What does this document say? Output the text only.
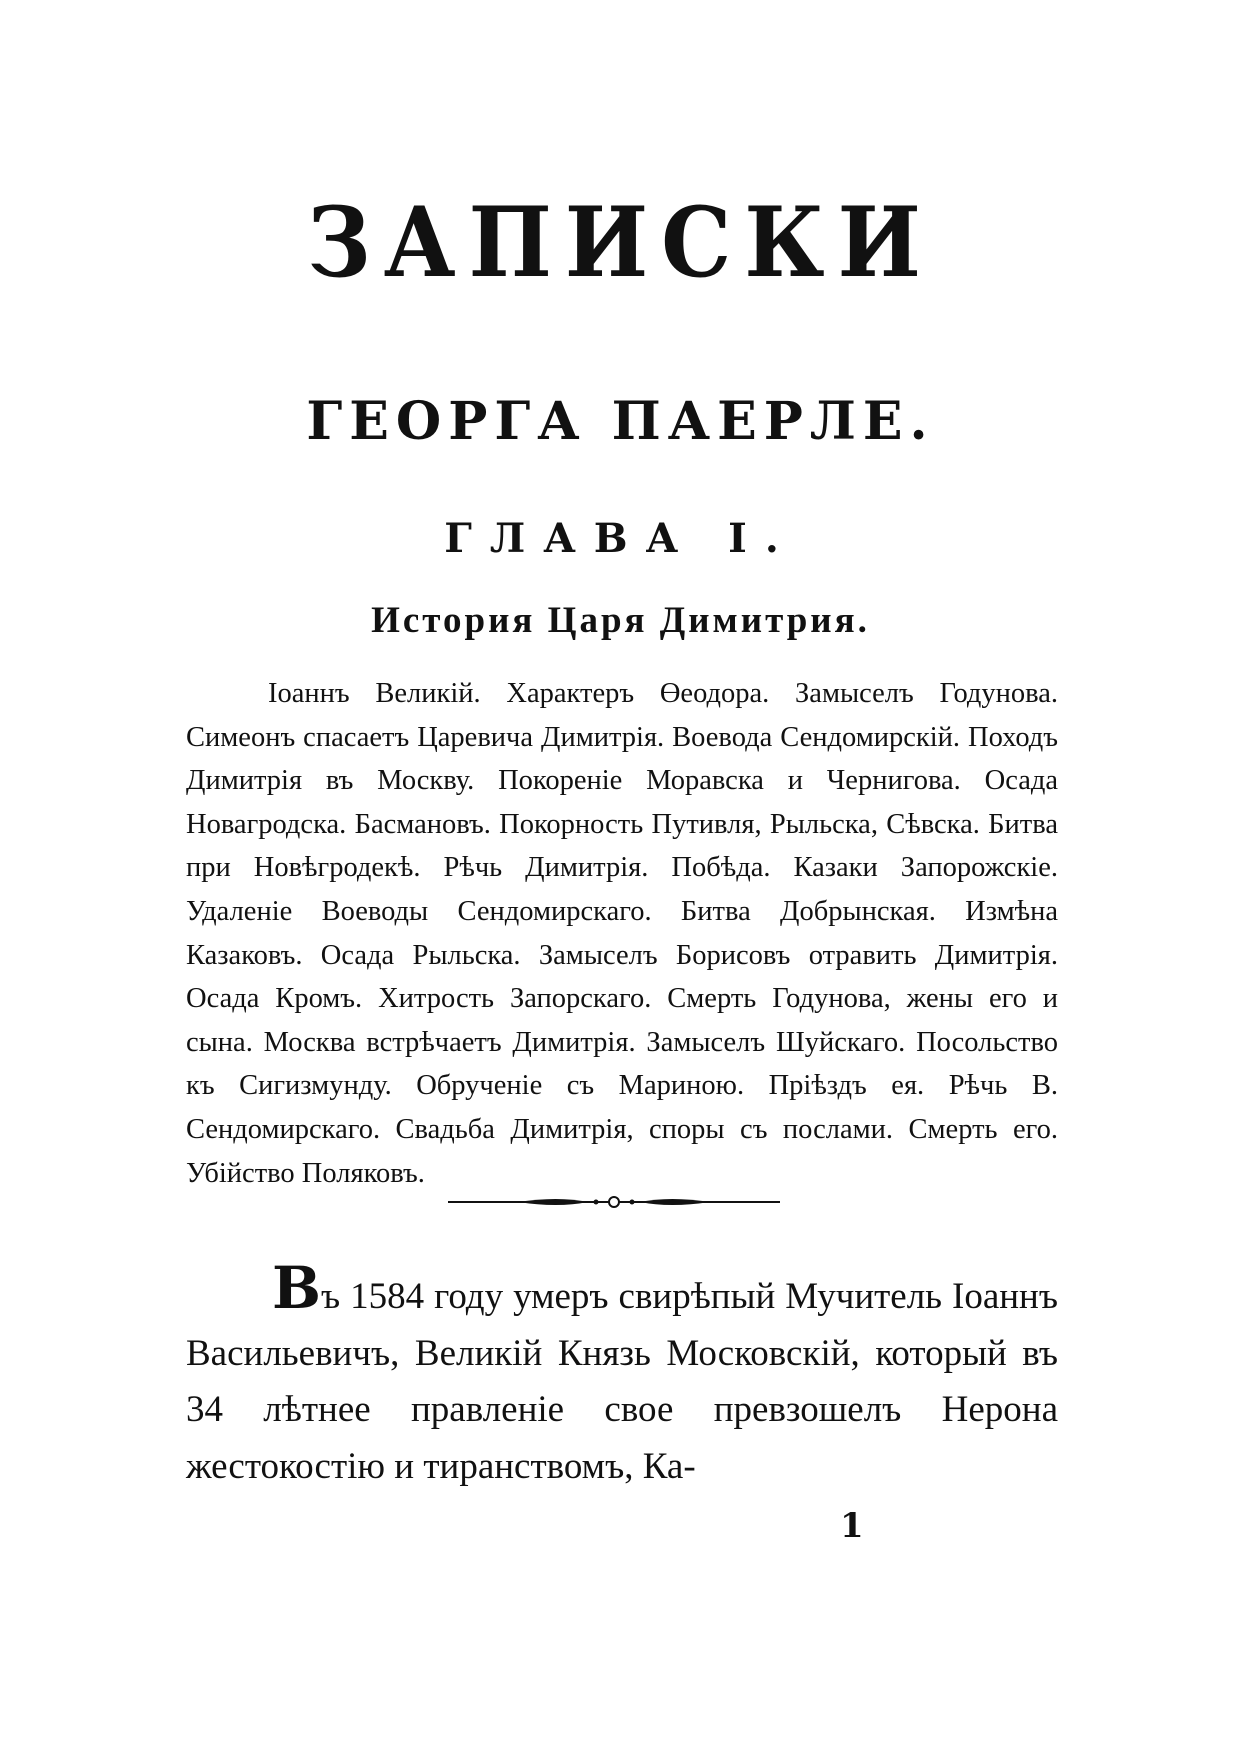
ЗАПИСКИ
ГЕОРГА ПАЕРЛЕ.
ГЛАВА I.
История Царя Димитрия.

Іоаннъ Великій. Характеръ Өеодора. Замыселъ Годунова. Симеонъ спасаетъ Царевича Димитрія. Воевода Сендомирскій. Походъ Димитрія въ Москву. Покореніе Моравска и Чернигова. Осада Новагродска. Басмановъ. Покорность Путивля, Рыльска, Сѣвска. Битва при Новѣгродекѣ. Рѣчь Димитрія. Побѣда. Казаки Запорожскіе. Удаленіе Воеводы Сендомирскаго. Битва Добрынская. Измѣна Казаковъ. Осада Рыльска. Замыселъ Борисовъ отравить Димитрія. Осада Кромъ. Хитрость Запорскаго. Смерть Годунова, жены его и сына. Москва встрѣчаетъ Димитрія. Замыселъ Шуйскаго. Посольство къ Сигизмунду. Обрученіе съ Мариною. Пріѣздъ ея. Рѣчь В. Сендомирскаго. Свадьба Димитрія, споры съ послами. Смерть его. Убійство Поляковъ.

Въ 1584 году умеръ свирѣпый Мучитель Іоаннъ Васильевичъ, Великій Князь Московскій, который въ 34 лѣтнее правленіе свое превзошелъ Нерона жестокостію и тиранствомъ, Ка-

1
